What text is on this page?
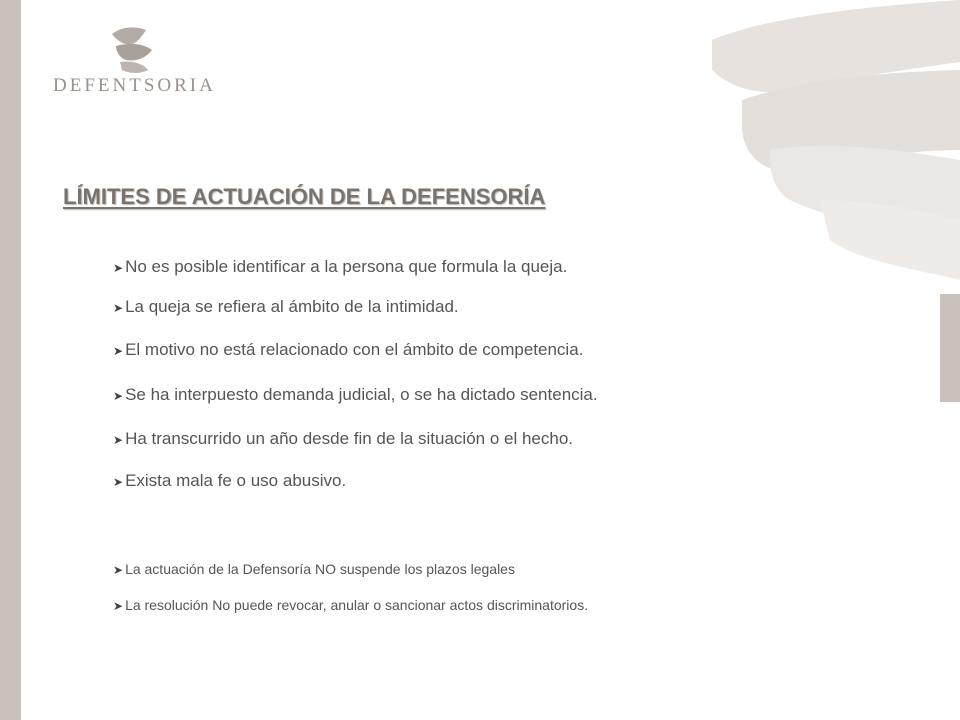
DEFENTSORIA
LÍMITES DE ACTUACIÓN DE LA DEFENSORÍA
➤ No es posible identificar a la persona que formula la queja.
➤ La queja se refiera al ámbito de la intimidad.
➤ El motivo no está relacionado con el ámbito de competencia.
➤ Se ha interpuesto demanda judicial, o se ha dictado sentencia.
➤ Ha transcurrido un año desde fin de la situación o el hecho.
➤ Exista mala fe o uso abusivo.
➤ La actuación de la Defensoría NO suspende los plazos legales
➤ La resolución No puede revocar, anular o sancionar actos discriminatorios.
